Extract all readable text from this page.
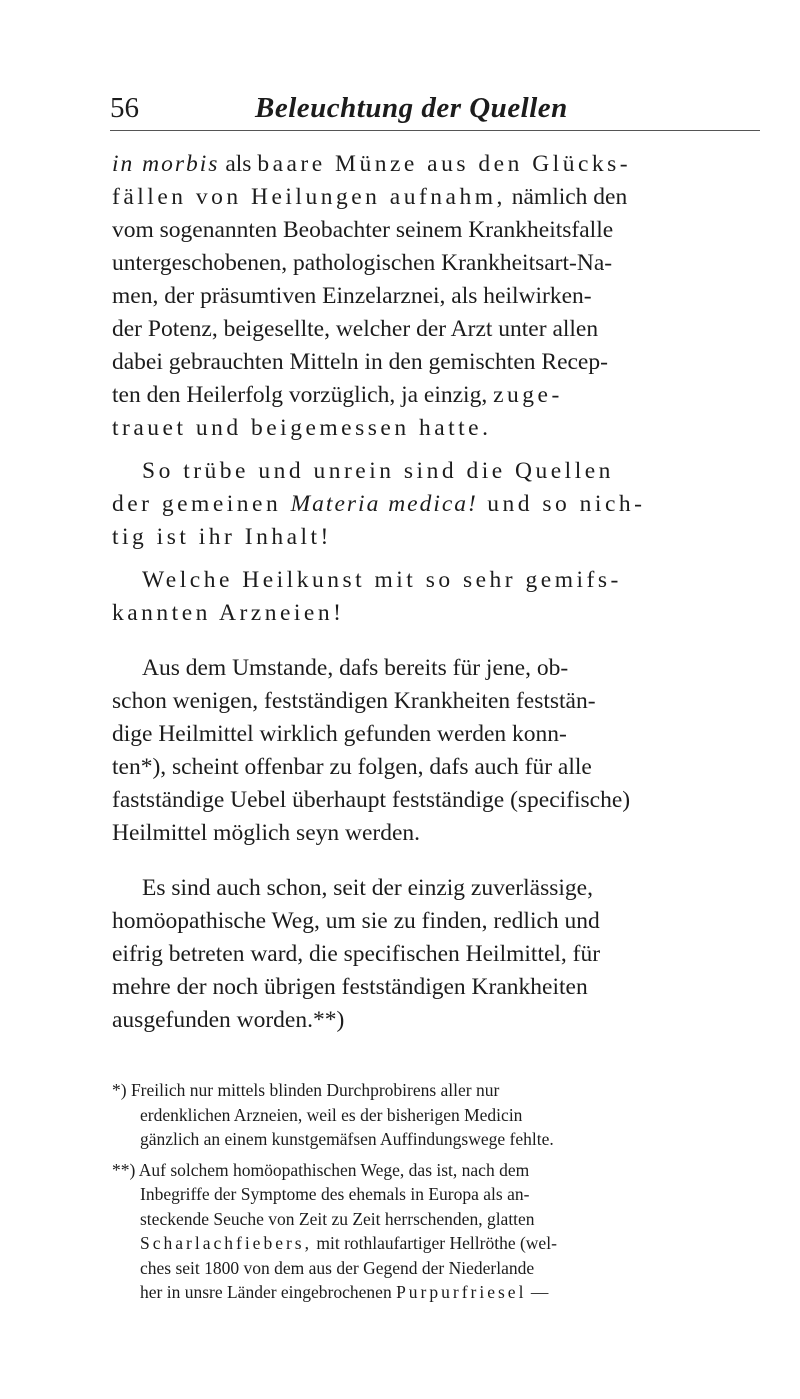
56	Beleuchtung der Quellen

in morbis als baare Münze aus den Glücks-
fällen von Heilungen aufnahm, nämlich den
vom sogenannten Beobachter seinem Krankheitsfalle
untergeschobenen, pathologischen Krankheitsart-Na-
men, der präsumtiven Einzelarznei, als heilwirken-
der Potenz, beigesellte, welcher der Arzt unter allen
dabei gebrauchten Mitteln in den gemischten Recep-
ten den Heilerfolg vorzüglich, ja einzig, zuge-
trauet und beigemessen hatte.

So trübe und unrein sind die Quellen

der gemeinen Materia medica! und so nich-
tig ist ihr Inhalt!

Welche Heilkunst mit so sehr gemifs-

kannten Arzneien!

Aus dem Umstande, dafs bereits für jene, ob-
schon wenigen, festständigen Krankheiten feststän-
dige Heilmittel wirklich gefunden werden konn-
ten*), scheint offenbar zu folgen, dafs auch für alle
fastständige Uebel überhaupt festständige (specifische)
Heilmittel möglich seyn werden.

Es sind auch schon, seit der einzig zuverlässige,
homöopathische Weg, um sie zu finden, redlich und
eifrig betreten ward, die specifischen Heilmittel, für
mehre der noch übrigen festständigen Krankheiten
ausgefunden worden.**)

*) Freilich nur mittels blinden Durchprobirens aller nur
erdenklichen Arzneien, weil es der bisherigen Medicin
gänzlich an einem kunstgemäfsen Auffindungswege fehlte.

**) Auf solchem homöopathischen Wege, das ist, nach dem
Inbegriffe der Symptome des ehemals in Europa als an-
steckende Seuche von Zeit zu Zeit herrschenden, glatten
Scharlachfiebers, mit rothlaufartiger Hellröthe (wel-
ches seit 1800 von dem aus der Gegend der Niederlande
her in unsre Länder eingebrochenen Purpurfriesel —
